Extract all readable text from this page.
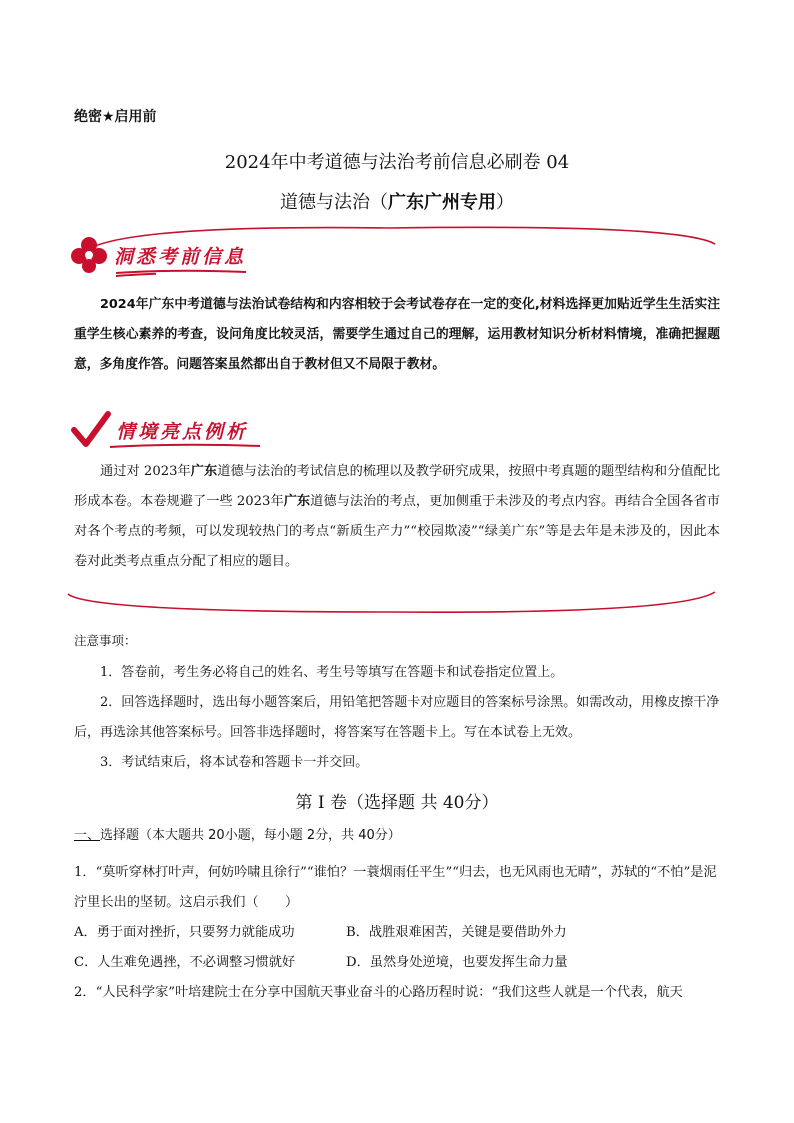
绝密★启用前
2024年中考道德与法治考前信息必刷卷 04
道德与法治（广东广州专用）
洞悉考前信息

2024年广东中考道德与法治试卷结构和内容相较于会考试卷存在一定的变化,材料选择更加贴近学生生活实注重学生核心素养的考查，设问角度比较灵活，需要学生通过自己的理解，运用教材知识分析材料情境，准确把握题意，多角度作答。问题答案虽然都出自于教材但又不局限于教材。

情境亮点例析

通过对 2023年广东道德与法治的考试信息的梳理以及教学研究成果，按照中考真题的题型结构和分值配比形成本卷。本卷规避了一些 2023年广东道德与法治的考点，更加侧重于未涉及的考点内容。再结合全国各省市对各个考点的考频，可以发现较热门的考点“新质生产力”“校园欺凌”“绿美广东”等是去年是未涉及的，因此本卷对此类考点重点分配了相应的题目。

注意事项：

1．答卷前，考生务必将自己的姓名、考生号等填写在答题卡和试卷指定位置上。

2．回答选择题时，选出每小题答案后，用铅笔把答题卡对应题目的答案标号涂黑。如需改动，用橡皮擦干净后，再选涂其他答案标号。回答非选择题时，将答案写在答题卡上。写在本试卷上无效。

3．考试结束后，将本试卷和答题卡一并交回。

第 I 卷（选择题 共 40分）
一、选择题（本大题共 20小题，每小题 2分，共 40分）

1．“莫听穿林打叶声，何妨吟啸且徐行”“谁怕？一蓑烟雨任平生”“归去，也无风雨也无晴”，苏轼的“不怕”是泥泞里长出的坚韧。这启示我们（　　）

A．勇于面对挫折，只要努力就能成功	B．战胜艰难困苦，关键是要借助外力
C．人生难免遇挫，不必调整习惯就好	D．虽然身处逆境，也要发挥生命力量

2．“人民科学家”叶培建院士在分享中国航天事业奋斗的心路历程时说：“我们这些人就是一个代表，航天
